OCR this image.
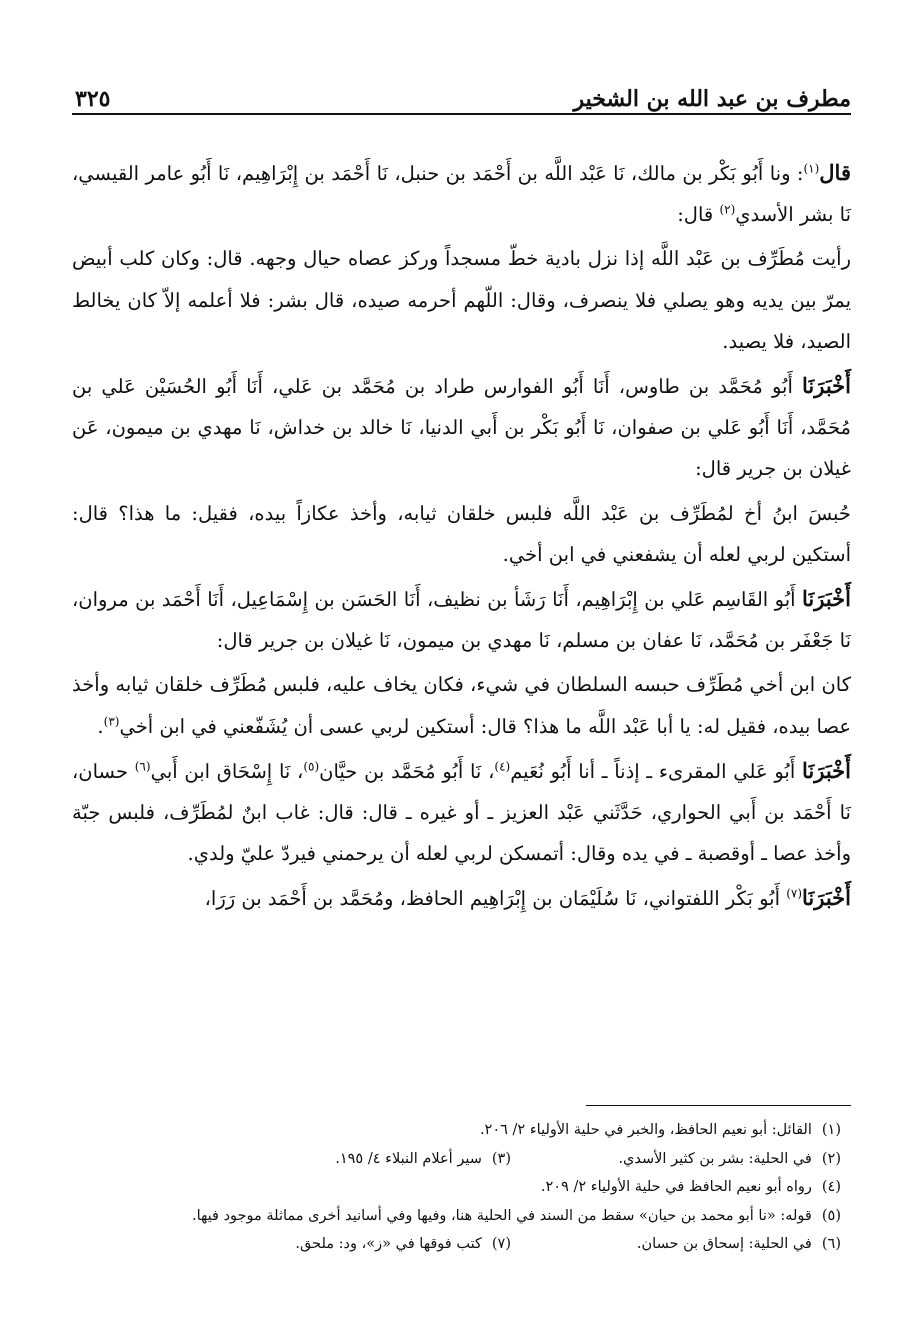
مطرف بن عبد الله بن الشخير
٣٢٥

قال$^{(١)}$: ونا أَبُو بَكْر بن مالك، نَا عَبْد اللَّه بن أَحْمَد بن حنبل، نَا أَحْمَد بن إِبْرَاهِيم، نَا أَبُو عامر القيسي، نَا بشر الأسدي$^{(٢)}$ قال:

رأيت مُطَرِّف بن عَبْد اللَّه إذا نزل بادية خطّ مسجداً وركز عصاه حيال وجهه. قال: وكان كلب أبيض يمرّ بين يديه وهو يصلي فلا ينصرف، وقال: اللّهم أحرمه صيده، قال بشر: فلا أعلمه إلاّ كان يخالط الصيد، فلا يصيد.

أَخْبَرَنَا أَبُو مُحَمَّد بن طاوس، أَنَا أَبُو الفوارس طراد بن مُحَمَّد بن عَلي، أَنَا أَبُو الحُسَيْن عَلي بن مُحَمَّد، أَنَا أَبُو عَلي بن صفوان، نَا أَبُو بَكْر بن أَبي الدنيا، نَا خالد بن خداش، نَا مهدي بن ميمون، عَن غيلان بن جرير قال:

حُبسَ ابنُ أخ لمُطَرِّف بن عَبْد اللَّه فلبس خلقان ثيابه، وأخذ عكازاً بيده، فقيل: ما هذا؟ قال: أستكين لربي لعله أن يشفعني في ابن أخي.

أَخْبَرَنَا أَبُو القَاسِم عَلي بن إِبْرَاهِيم، أَنَا رَشَأ بن نظيف، أَنَا الحَسَن بن إِسْمَاعِيل، أَنَا أَحْمَد بن مروان، نَا جَعْفَر بن مُحَمَّد، نَا عفان بن مسلم، نَا مهدي بن ميمون، نَا غيلان بن جرير قال:

كان ابن أخي مُطَرِّف حبسه السلطان في شيء، فكان يخاف عليه، فلبس مُطَرِّف خلقان ثيابه وأخذ عصا بيده، فقيل له: يا أبا عَبْد اللَّه ما هذا؟ قال: أستكين لربي عسى أن يُشَفّعني في ابن أخي$^{(٣)}$.

أَخْبَرَنَا أَبُو عَلي المقرىء ـ إذناً ـ أنا أَبُو نُعَيم$^{(٤)}$، نَا أَبُو مُحَمَّد بن حيَّان$^{(٥)}$، نَا إِسْحَاق ابن أَبي$^{(٦)}$ حسان، نَا أَحْمَد بن أَبي الحواري، حَدَّثَني عَبْد العزيز ـ أو غيره ـ قال: قال: غاب ابنٌ لمُطَرِّف، فلبس جبّة وأخذ عصا ـ أوقصبة ـ في يده وقال: أتمسكن لربي لعله أن يرحمني فيردّ عليّ ولدي.

أَخْبَرَنَا$^{(٧)}$ أَبُو بَكْر اللفتواني، نَا سُلَيْمَان بن إِبْرَاهِيم الحافظ، ومُحَمَّد بن أَحْمَد بن رَرَا،

(١)القائل: أبو نعيم الحافظ، والخبر في حلية الأولياء ٢/ ٢٠٦.
(٢)في الحلية: بشر بن كثير الأسدي.
(٣)سير أعلام النبلاء ٤/ ١٩٥.
(٤)رواه أبو نعيم الحافظ في حلية الأولياء ٢/ ٢٠٩.
(٥)قوله: «نا أبو محمد بن حيان» سقط من السند في الحلية هنا، وفيها وفي أسانيد أخرى مماثلة موجود فيها.
(٦)في الحلية: إسحاق بن حسان.
(٧)كتب فوقها في «ز»، ود: ملحق.
